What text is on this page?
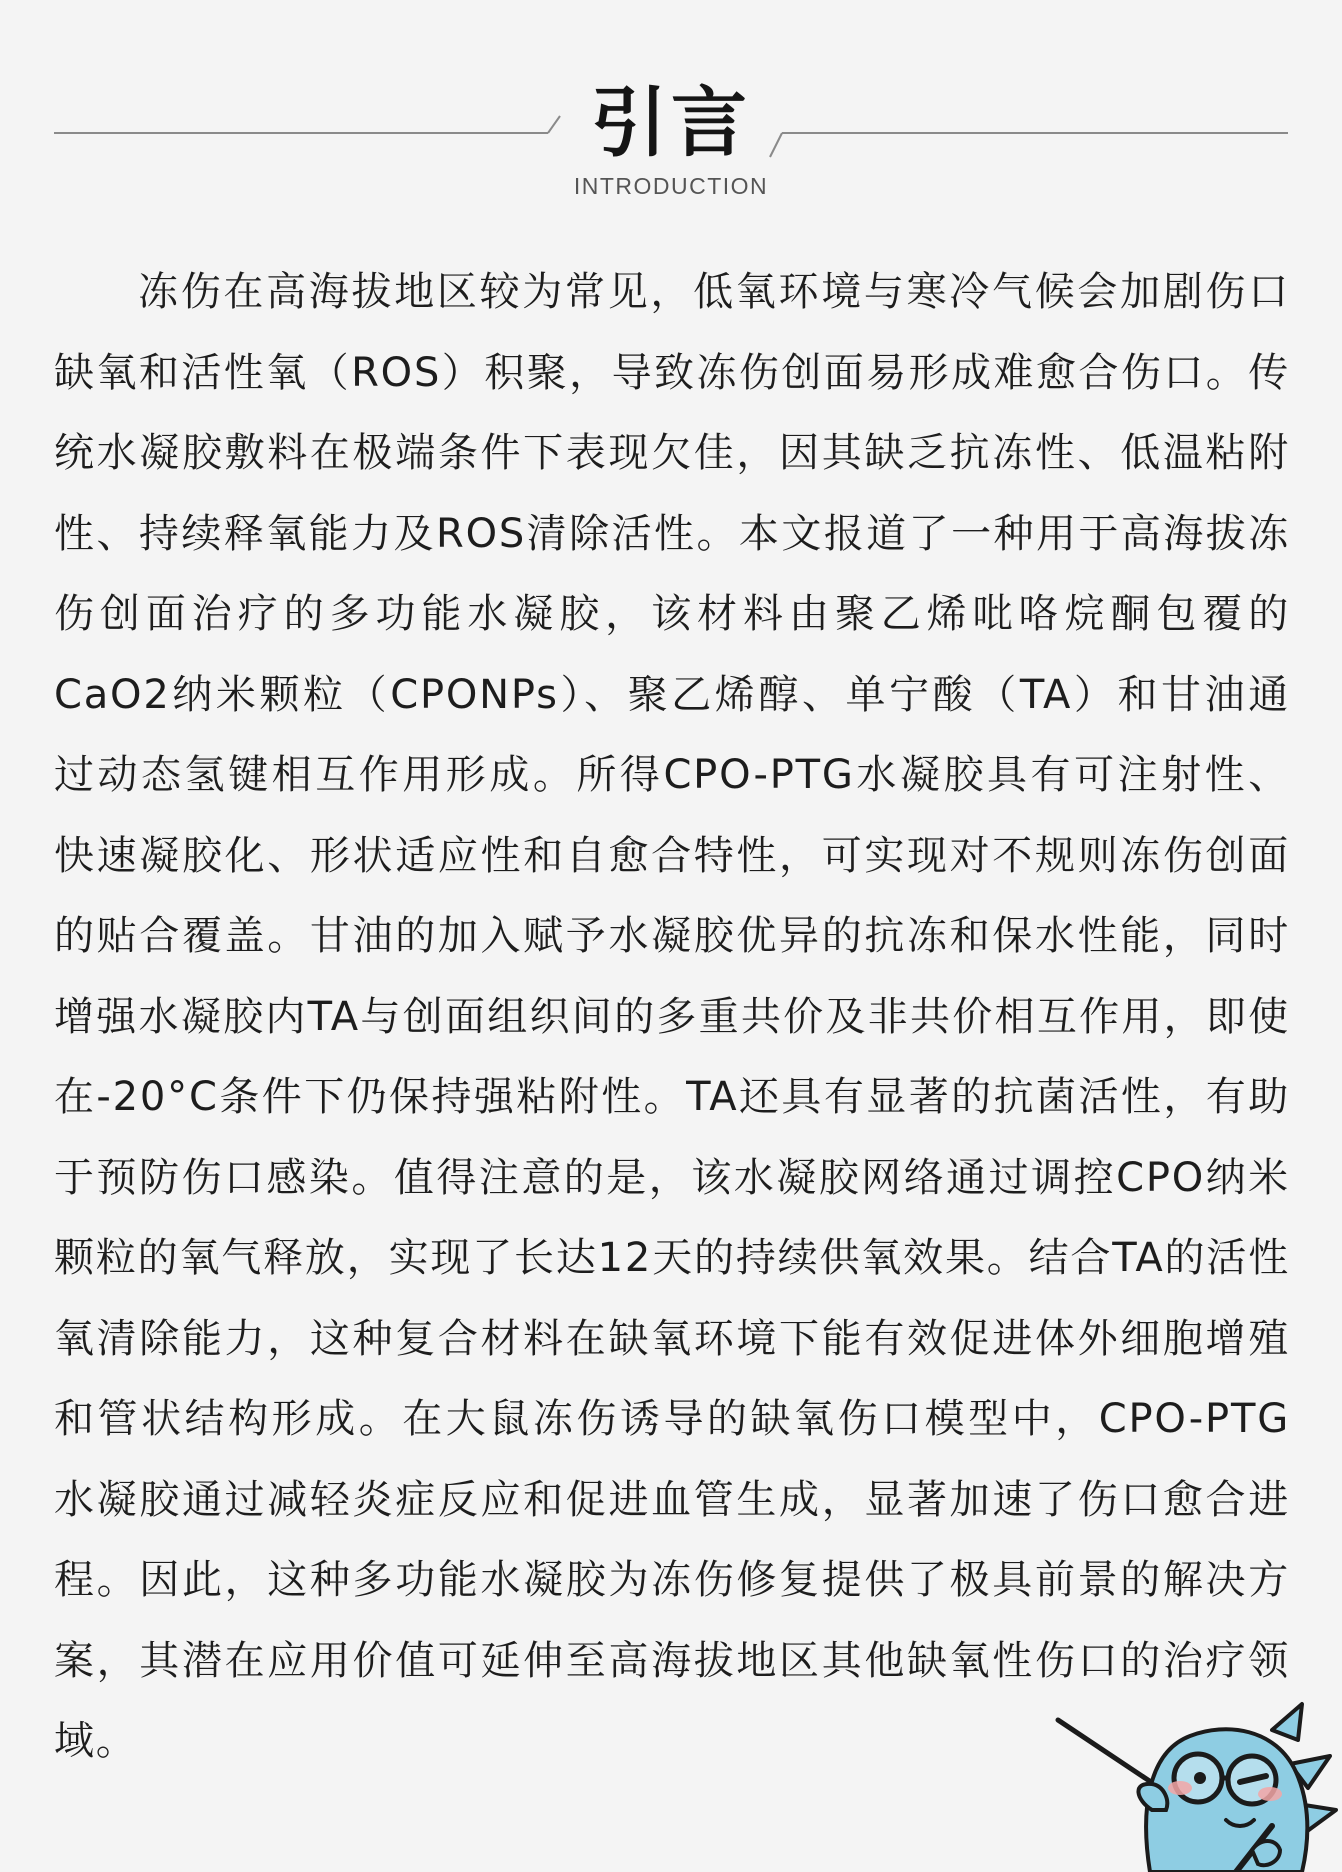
引言
INTRODUCTION
冻伤在高海拔地区较为常见，低氧环境与寒冷气候会加剧伤口缺氧和活性氧（ROS）积聚，导致冻伤创面易形成难愈合伤口。传统水凝胶敷料在极端条件下表现欠佳，因其缺乏抗冻性、低温粘附性、持续释氧能力及ROS清除活性。本文报道了一种用于高海拔冻伤创面治疗的多功能水凝胶，该材料由聚乙烯吡咯烷酮包覆的CaO2纳米颗粒（CPONPs）、聚乙烯醇、单宁酸（TA）和甘油通过动态氢键相互作用形成。所得CPO-PTG水凝胶具有可注射性、快速凝胶化、形状适应性和自愈合特性，可实现对不规则冻伤创面的贴合覆盖。甘油的加入赋予水凝胶优异的抗冻和保水性能，同时增强水凝胶内TA与创面组织间的多重共价及非共价相互作用，即使在-20°C条件下仍保持强粘附性。TA还具有显著的抗菌活性，有助于预防伤口感染。值得注意的是，该水凝胶网络通过调控CPO纳米颗粒的氧气释放，实现了长达12天的持续供氧效果。结合TA的活性氧清除能力，这种复合材料在缺氧环境下能有效促进体外细胞增殖和管状结构形成。在大鼠冻伤诱导的缺氧伤口模型中，CPO-PTG水凝胶通过减轻炎症反应和促进血管生成，显著加速了伤口愈合进程。因此，这种多功能水凝胶为冻伤修复提供了极具前景的解决方案，其潜在应用价值可延伸至高海拔地区其他缺氧性伤口的治疗领域。
